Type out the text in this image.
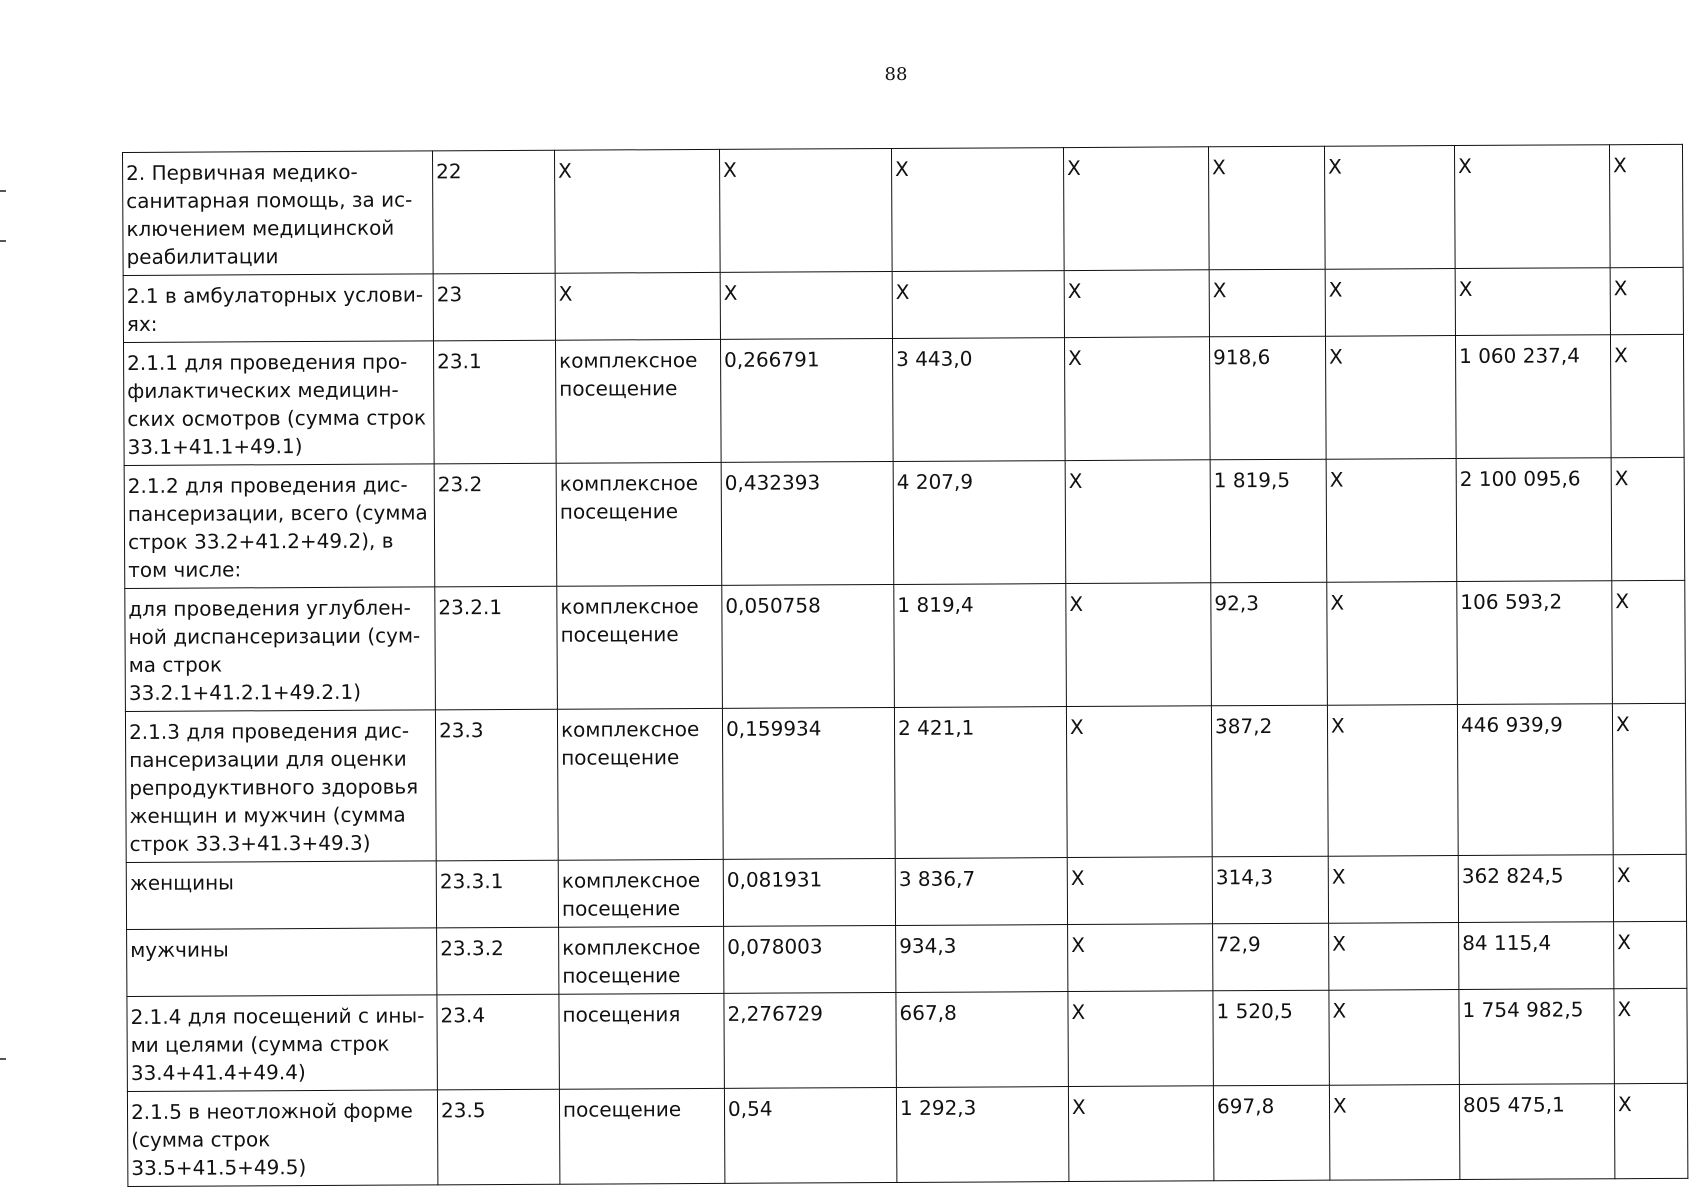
88
2. Первичная медико-санитарная помощь, за исключением медицинской реабилитации	22	X	X	X	X	X	X	X	X
2.1 в амбулаторных условиях:	23	X	X	X	X	X	X	X	X
2.1.1 для проведения профилактических медицинских осмотров (сумма строк 33.1+41.1+49.1)	23.1	комплексное посещение	0,266791	3 443,0	X	918,6	X	1 060 237,4	X
2.1.2 для проведения диспансеризации, всего (сумма строк 33.2+41.2+49.2), в том числе:	23.2	комплексное посещение	0,432393	4 207,9	X	1 819,5	X	2 100 095,6	X
для проведения углубленной диспансеризации (сумма строк 33.2.1+41.2.1+49.2.1)	23.2.1	комплексное посещение	0,050758	1 819,4	X	92,3	X	106 593,2	X
2.1.3 для проведения диспансеризации для оценки репродуктивного здоровья женщин и мужчин (сумма строк 33.3+41.3+49.3)	23.3	комплексное посещение	0,159934	2 421,1	X	387,2	X	446 939,9	X
женщины	23.3.1	комплексное посещение	0,081931	3 836,7	X	314,3	X	362 824,5	X
мужчины	23.3.2	комплексное посещение	0,078003	934,3	X	72,9	X	84 115,4	X
2.1.4 для посещений с иными целями (сумма строк 33.4+41.4+49.4)	23.4	посещения	2,276729	667,8	X	1 520,5	X	1 754 982,5	X
2.1.5 в неотложной форме (сумма строк 33.5+41.5+49.5)	23.5	посещение	0,54	1 292,3	X	697,8	X	805 475,1	X
